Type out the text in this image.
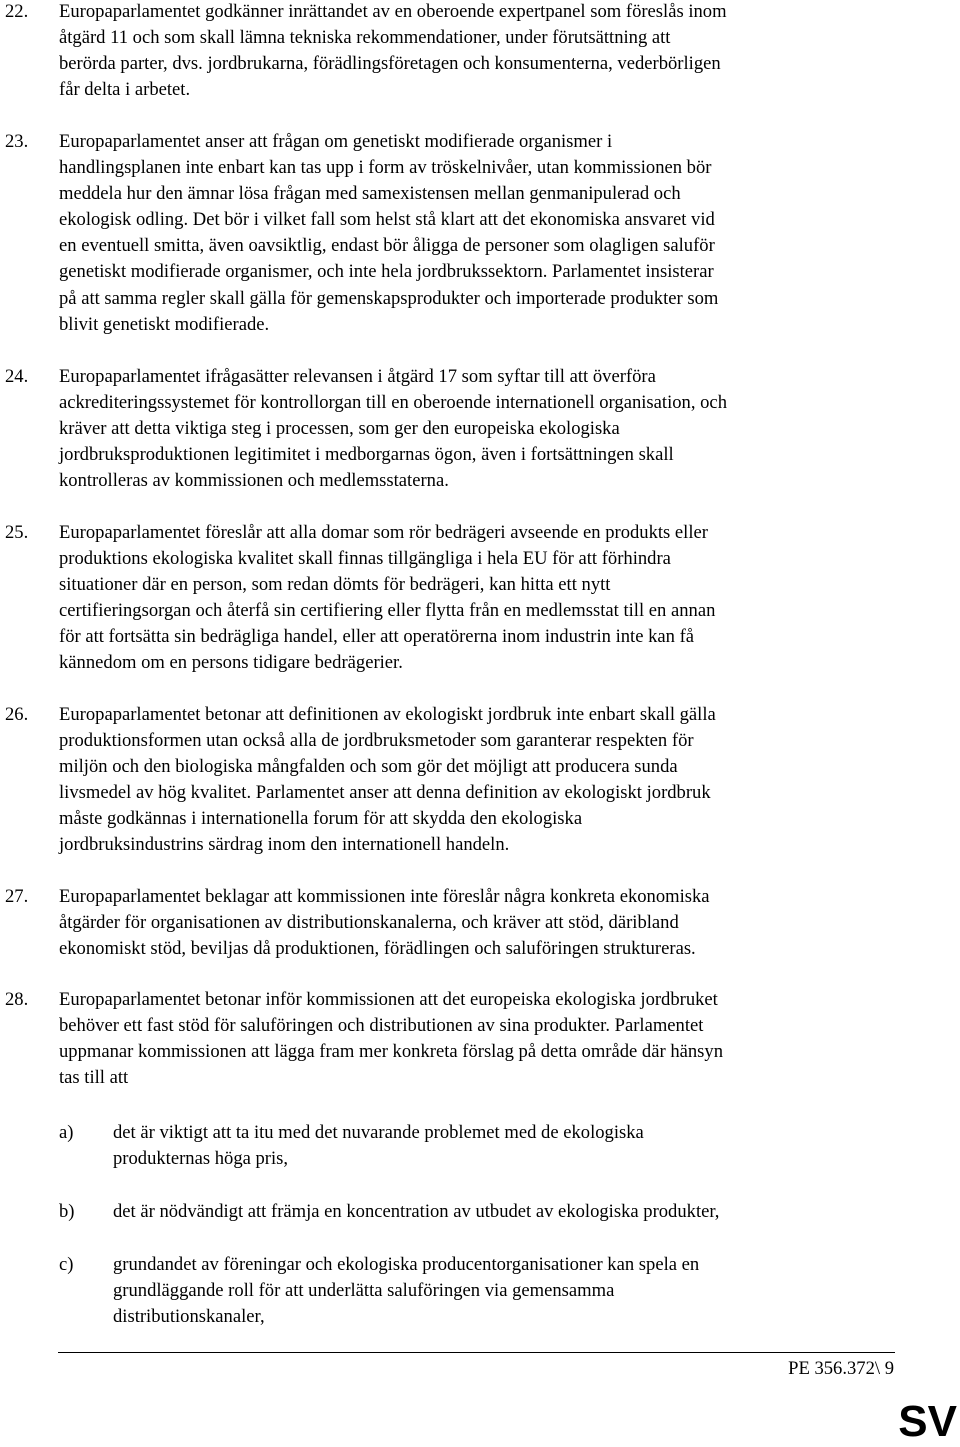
22. Europaparlamentet godkänner inrättandet av en oberoende expertpanel som föreslås inom
åtgärd 11 och som skall lämna tekniska rekommendationer, under förutsättning att
berörda parter, dvs. jordbrukarna, förädlingsföretagen och konsumenterna, vederbörligen
får delta i arbetet.
23. Europaparlamentet anser att frågan om genetiskt modifierade organismer i
handlingsplanen inte enbart kan tas upp i form av tröskelnivåer, utan kommissionen bör
meddela hur den ämnar lösa frågan med samexistensen mellan genmanipulerad och
ekologisk odling. Det bör i vilket fall som helst stå klart att det ekonomiska ansvaret vid
en eventuell smitta, även oavsiktlig, endast bör åligga de personer som olagligen saluför
genetiskt modifierade organismer, och inte hela jordbrukssektorn. Parlamentet insisterar
på att samma regler skall gälla för gemenskapsprodukter och importerade produkter som
blivit genetiskt modifierade.
24. Europaparlamentet ifrågasätter relevansen i åtgärd 17 som syftar till att överföra
ackrediteringssystemet för kontrollorgan till en oberoende internationell organisation, och
kräver att detta viktiga steg i processen, som ger den europeiska ekologiska
jordbruksproduktionen legitimitet i medborgarnas ögon, även i fortsättningen skall
kontrolleras av kommissionen och medlemsstaterna.
25. Europaparlamentet föreslår att alla domar som rör bedrägeri avseende en produkts eller
produktions ekologiska kvalitet skall finnas tillgängliga i hela EU för att förhindra
situationer där en person, som redan dömts för bedrägeri, kan hitta ett nytt
certifieringsorgan och återfå sin certifiering eller flytta från en medlemsstat till en annan
för att fortsätta sin bedrägliga handel, eller att operatörerna inom industrin inte kan få
kännedom om en persons tidigare bedrägerier.
26. Europaparlamentet betonar att definitionen av ekologiskt jordbruk inte enbart skall gälla
produktionsformen utan också alla de jordbruksmetoder som garanterar respekten för
miljön och den biologiska mångfalden och som gör det möjligt att producera sunda
livsmedel av hög kvalitet. Parlamentet anser att denna definition av ekologiskt jordbruk
måste godkännas i internationella forum för att skydda den ekologiska
jordbruksindustrins särdrag inom den internationell handeln.
27. Europaparlamentet beklagar att kommissionen inte föreslår några konkreta ekonomiska
åtgärder för organisationen av distributionskanalerna, och kräver att stöd, däribland
ekonomiskt stöd, beviljas då produktionen, förädlingen och saluföringen struktureras.
28. Europaparlamentet betonar inför kommissionen att det europeiska ekologiska jordbruket
behöver ett fast stöd för saluföringen och distributionen av sina produkter. Parlamentet
uppmanar kommissionen att lägga fram mer konkreta förslag på detta område där hänsyn
tas till att
a) det är viktigt att ta itu med det nuvarande problemet med de ekologiska
produkternas höga pris,
b) det är nödvändigt att främja en koncentration av utbudet av ekologiska produkter,
c) grundandet av föreningar och ekologiska producentorganisationer kan spela en
grundläggande roll för att underlätta saluföringen via gemensamma
distributionskanaler,
PE 356.372\ 9
SV
